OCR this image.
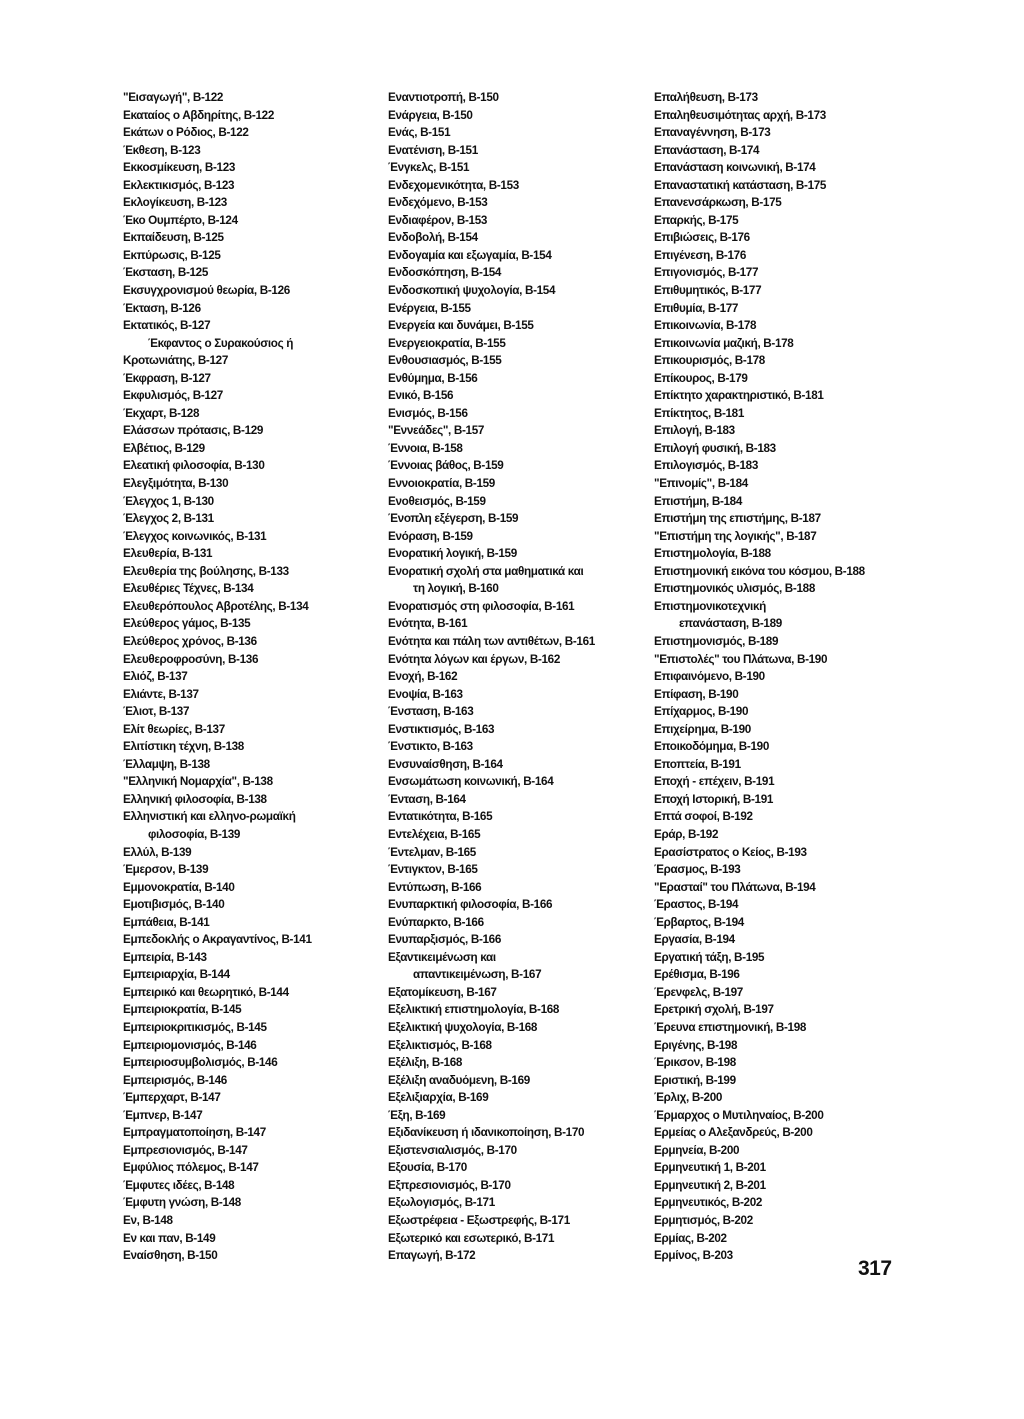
"Εισαγωγή", Β-122
Εκαταίος ο Αβδηρίτης, Β-122
Εκάτων ο Ρόδιος, Β-122
Έκθεση, Β-123
Εκκοσμίκευση, Β-123
Εκλεκτικισμός, Β-123
Εκλογίκευση, Β-123
Έκο Ουμπέρτο, Β-124
Εκπαίδευση, Β-125
Εκπύρωσις, Β-125
Έκσταση, Β-125
Εκσυγχρονισμού θεωρία, Β-126
Έκταση, Β-126
Εκτατικός, Β-127
Έκφαντος ο Συρακούσιος ή
Κροτωνιάτης, Β-127
Έκφραση, Β-127
Εκφυλισμός, Β-127
Έκχαρτ, Β-128
Ελάσσων πρότασις, Β-129
Ελβέτιος, Β-129
Ελεατική φιλοσοφία, Β-130
Ελεγξιμότητα, Β-130
Έλεγχος 1, Β-130
Έλεγχος 2, Β-131
Έλεγχος κοινωνικός, Β-131
Ελευθερία, Β-131
Ελευθερία της βούλησης, Β-133
Ελευθέριες Τέχνες, Β-134
Ελευθερόπουλος Αβροτέλης, Β-134
Ελεύθερος γάμος, Β-135
Ελεύθερος χρόνος, Β-136
Ελευθεροφροσύνη, Β-136
Ελιόζ, Β-137
Ελιάντε, Β-137
Έλιοτ, Β-137
Ελίτ θεωρίες, Β-137
Ελιτίστικη τέχνη, Β-138
Έλλαμψη, Β-138
"Ελληνική Νομαρχία", Β-138
Ελληνική φιλοσοφία, Β-138
Ελληνιστική και ελληνο-ρωμαϊκή
φιλοσοφία, Β-139
Ελλύλ, Β-139
Έμερσον, Β-139
Εμμονοκρατία, Β-140
Εμοτιβισμός, Β-140
Εμπάθεια, Β-141
Εμπεδοκλής ο Ακραγαντίνος, Β-141
Εμπειρία, Β-143
Εμπειριαρχία, Β-144
Εμπειρικό και θεωρητικό, Β-144
Εμπειριοκρατία, Β-145
Εμπειριοκριτικισμός, Β-145
Εμπειριομονισμός, Β-146
Εμπειριοσυμβολισμός, Β-146
Εμπειρισμός, Β-146
Έμπερχαρτ, Β-147
Έμπνερ, Β-147
Εμπραγματοποίηση, Β-147
Εμπρεσιονισμός, Β-147
Εμφύλιος πόλεμος, Β-147
Έμφυτες ιδέες, Β-148
Έμφυτη γνώση, Β-148
Εν, Β-148
Εν και παν, Β-149
Εναίσθηση, Β-150
Εναντιοτροπή, Β-150
Ενάργεια, Β-150
Ενάς, Β-151
Ενατένιση, Β-151
Ένγκελς, Β-151
Ενδεχομενικότητα, Β-153
Ενδεχόμενο, Β-153
Ενδιαφέρον, Β-153
Ενδοβολή, Β-154
Ενδογαμία και εξωγαμία, Β-154
Ενδοσκόπηση, Β-154
Ενδοσκοπική ψυχολογία, Β-154
Ενέργεια, Β-155
Ενεργεία και δυνάμει, Β-155
Ενεργειοκρατία, Β-155
Ενθουσιασμός, Β-155
Ενθύμημα, Β-156
Ενικό, Β-156
Ενισμός, Β-156
"Εννεάδες", Β-157
Έννοια, Β-158
Έννοιας βάθος, Β-159
Εννοιοκρατία, Β-159
Ενοθεισμός, Β-159
Ένοπλη εξέγερση, Β-159
Ενόραση, Β-159
Ενορατική λογική, Β-159
Ενορατική σχολή στα μαθηματικά και
τη λογική, Β-160
Ενορατισμός στη φιλοσοφία, Β-161
Ενότητα, Β-161
Ενότητα και πάλη των αντιθέτων, Β-161
Ενότητα λόγων και έργων, Β-162
Ενοχή, Β-162
Ενοψία, Β-163
Ένσταση, Β-163
Ενστικτισμός, Β-163
Ένστικτο, Β-163
Ενσυναίσθηση, Β-164
Ενσωμάτωση κοινωνική, Β-164
Ένταση, Β-164
Εντατικότητα, Β-165
Εντελέχεια, Β-165
Έντελμαν, Β-165
Έντιγκτον, Β-165
Εντύπωση, Β-166
Ενυπαρκτική φιλοσοφία, Β-166
Ενύπαρκτο, Β-166
Ενυπαρξισμός, Β-166
Εξαντικειμένωση και
απαντικειμένωση, Β-167
Εξατομίκευση, Β-167
Εξελικτική επιστημολογία, Β-168
Εξελικτική ψυχολογία, Β-168
Εξελικτισμός, Β-168
Εξέλιξη, Β-168
Εξέλιξη αναδυόμενη, Β-169
Εξελιξιαρχία, Β-169
Έξη, Β-169
Εξιδανίκευση ή ιδανικοποίηση, Β-170
Εξιστενσιαλισμός, Β-170
Εξουσία, Β-170
Εξπρεσιονισμός, Β-170
Εξωλογισμός, Β-171
Εξωστρέφεια - Εξωστρεφής, Β-171
Εξωτερικό και εσωτερικό, Β-171
Επαγωγή, Β-172
Επαλήθευση, Β-173
Επαληθευσιμότητας αρχή, Β-173
Επαναγέννηση, Β-173
Επανάσταση, Β-174
Επανάσταση κοινωνική, Β-174
Επαναστατική κατάσταση, Β-175
Επανενσάρκωση, Β-175
Επαρκής, Β-175
Επιβιώσεις, Β-176
Επιγένεση, Β-176
Επιγονισμός, Β-177
Επιθυμητικός, Β-177
Επιθυμία, Β-177
Επικοινωνία, Β-178
Επικοινωνία μαζική, Β-178
Επικουρισμός, Β-178
Επίκουρος, Β-179
Επίκτητο χαρακτηριστικό, Β-181
Επίκτητος, Β-181
Επιλογή, Β-183
Επιλογή φυσική, Β-183
Επιλογισμός, Β-183
"Επινομίς", Β-184
Επιστήμη, Β-184
Επιστήμη της επιστήμης, Β-187
"Επιστήμη της λογικής", Β-187
Επιστημολογία, Β-188
Επιστημονική εικόνα του κόσμου, Β-188
Επιστημονικός υλισμός, Β-188
Επιστημονικοτεχνική
επανάσταση, Β-189
Επιστημονισμός, Β-189
"Επιστολές" του Πλάτωνα, Β-190
Επιφαινόμενο, Β-190
Επίφαση, Β-190
Επίχαρμος, Β-190
Επιχείρημα, Β-190
Εποικοδόμημα, Β-190
Εποπτεία, Β-191
Εποχή - επέχειν, Β-191
Εποχή Ιστορική, Β-191
Επτά σοφοί, Β-192
Εράρ, Β-192
Ερασίστρατος ο Κείος, Β-193
Έρασμος, Β-193
"Ερασταί" του Πλάτωνα, Β-194
Έραστος, Β-194
Έρβαρτος, Β-194
Εργασία, Β-194
Εργατική τάξη, Β-195
Ερέθισμα, Β-196
Έρενφελς, Β-197
Ερετρική σχολή, Β-197
Έρευνα επιστημονική, Β-198
Εριγένης, Β-198
Έρικσον, Β-198
Εριστική, Β-199
Έρλιχ, Β-200
Έρμαρχος ο Μυτιληναίος, Β-200
Ερμείας ο Αλεξανδρεύς, Β-200
Ερμηνεία, Β-200
Ερμηνευτική 1, Β-201
Ερμηνευτική 2, Β-201
Ερμηνευτικός, Β-202
Ερμητισμός, Β-202
Ερμίας, Β-202
Ερμίνος, Β-203
317
